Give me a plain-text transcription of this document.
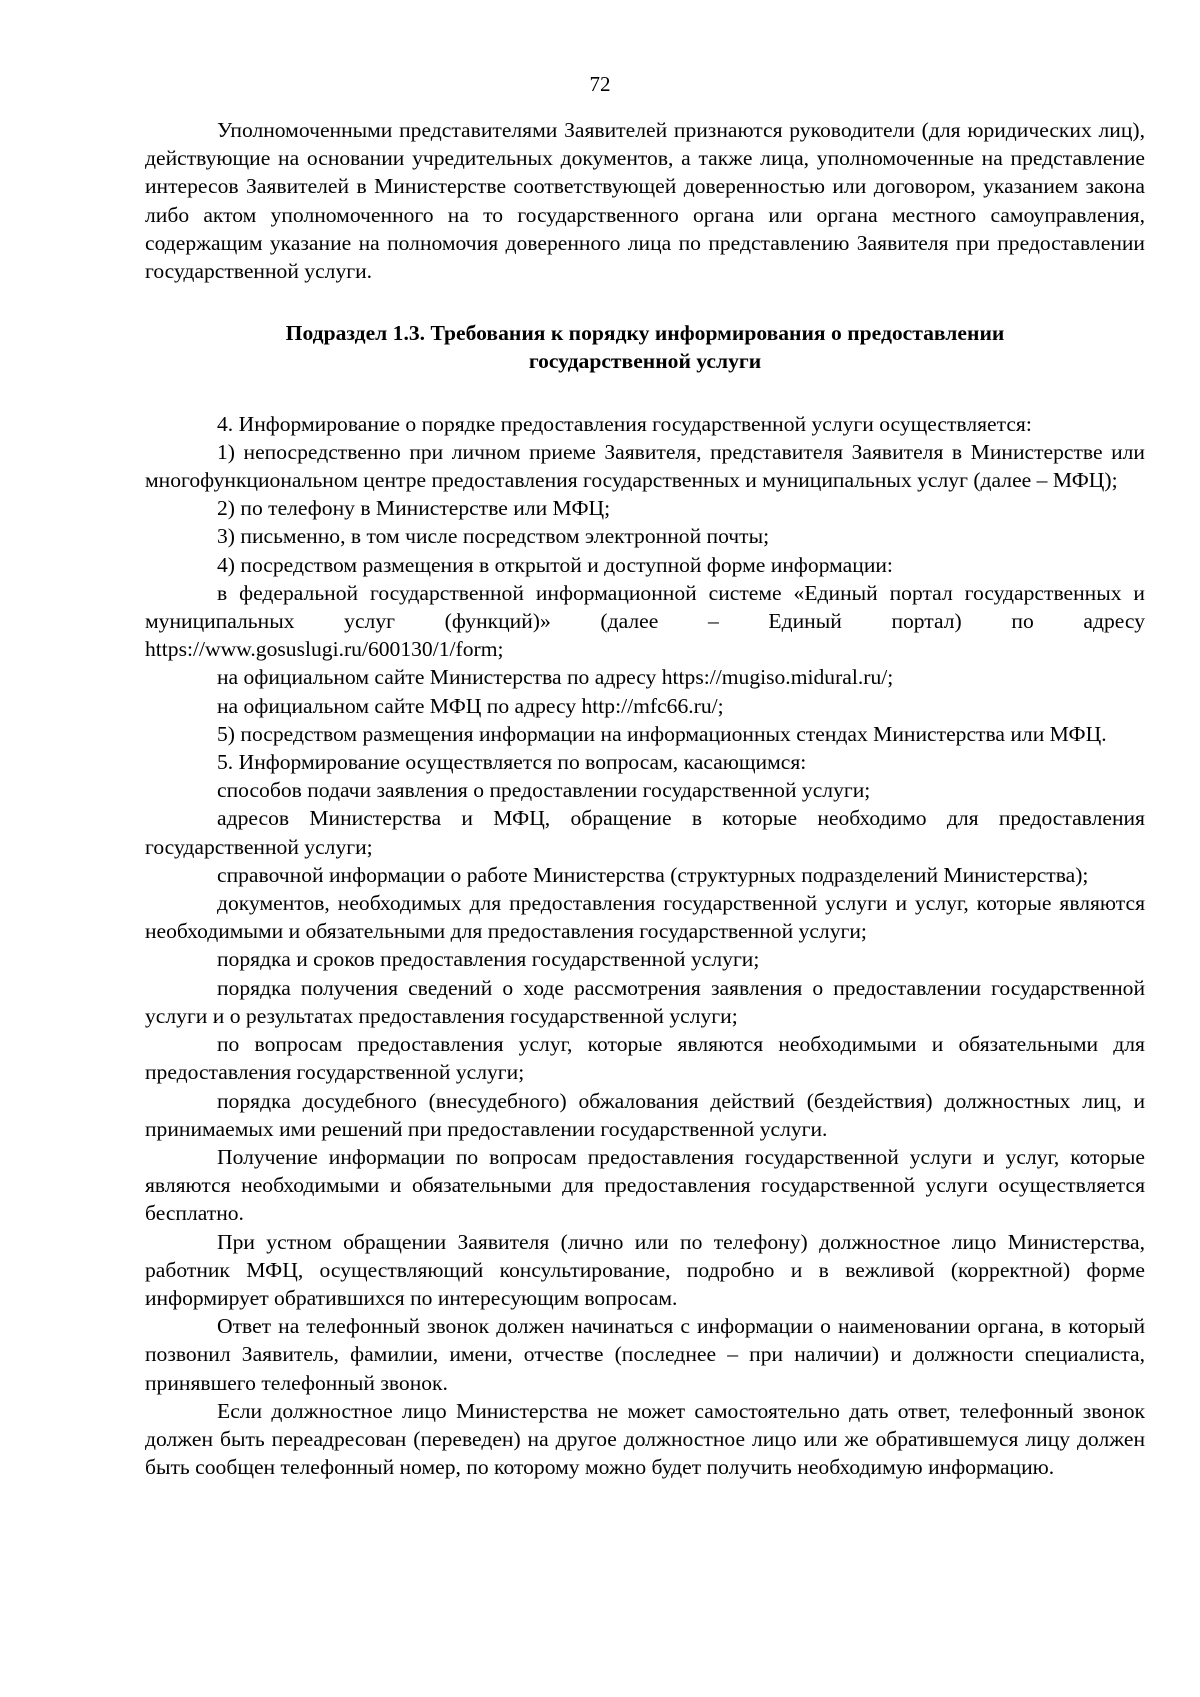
72

Уполномоченными представителями Заявителей признаются руководители (для юридических лиц), действующие на основании учредительных документов, а также лица, уполномоченные на представление интересов Заявителей в Министерстве соответствующей доверенностью или договором, указанием закона либо актом уполномоченного на то государственного органа или органа местного самоуправления, содержащим указание на полномочия доверенного лица по представлению Заявителя при предоставлении государственной услуги.

Подраздел 1.3. Требования к порядку информирования о предоставлении
государственной услуги

4. Информирование о порядке предоставления государственной услуги осуществляется:

1) непосредственно при личном приеме Заявителя, представителя Заявителя в Министерстве или многофункциональном центре предоставления государственных и муниципальных услуг (далее – МФЦ);

2) по телефону в Министерстве или МФЦ;

3) письменно, в том числе посредством электронной почты;

4) посредством размещения в открытой и доступной форме информации:

в федеральной государственной информационной системе «Единый портал государственных и муниципальных услуг (функций)» (далее – Единый портал) по адресу https://www.gosuslugi.ru/600130/1/form;

на официальном сайте Министерства по адресу https://mugiso.midural.ru/;

на официальном сайте МФЦ по адресу http://mfc66.ru/;

5) посредством размещения информации на информационных стендах Министерства или МФЦ.

5. Информирование осуществляется по вопросам, касающимся:

способов подачи заявления о предоставлении государственной услуги;

адресов Министерства и МФЦ, обращение в которые необходимо для предоставления государственной услуги;

справочной информации о работе Министерства (структурных подразделений Министерства);

документов, необходимых для предоставления государственной услуги и услуг, которые являются необходимыми и обязательными для предоставления государственной услуги;

порядка и сроков предоставления государственной услуги;

порядка получения сведений о ходе рассмотрения заявления о предоставлении государственной услуги и о результатах предоставления государственной услуги;

по вопросам предоставления услуг, которые являются необходимыми и обязательными для предоставления государственной услуги;

порядка досудебного (внесудебного) обжалования действий (бездействия) должностных лиц, и принимаемых ими решений при предоставлении государственной услуги.

Получение информации по вопросам предоставления государственной услуги и услуг, которые являются необходимыми и обязательными для предоставления государственной услуги осуществляется бесплатно.

При устном обращении Заявителя (лично или по телефону) должностное лицо Министерства, работник МФЦ, осуществляющий консультирование, подробно и в вежливой (корректной) форме информирует обратившихся по интересующим вопросам.

Ответ на телефонный звонок должен начинаться с информации о наименовании органа, в который позвонил Заявитель, фамилии, имени, отчестве (последнее – при наличии) и должности специалиста, принявшего телефонный звонок.

Если должностное лицо Министерства не может самостоятельно дать ответ, телефонный звонок должен быть переадресован (переведен) на другое должностное лицо или же обратившемуся лицу должен быть сообщен телефонный номер, по которому можно будет получить необходимую информацию.
